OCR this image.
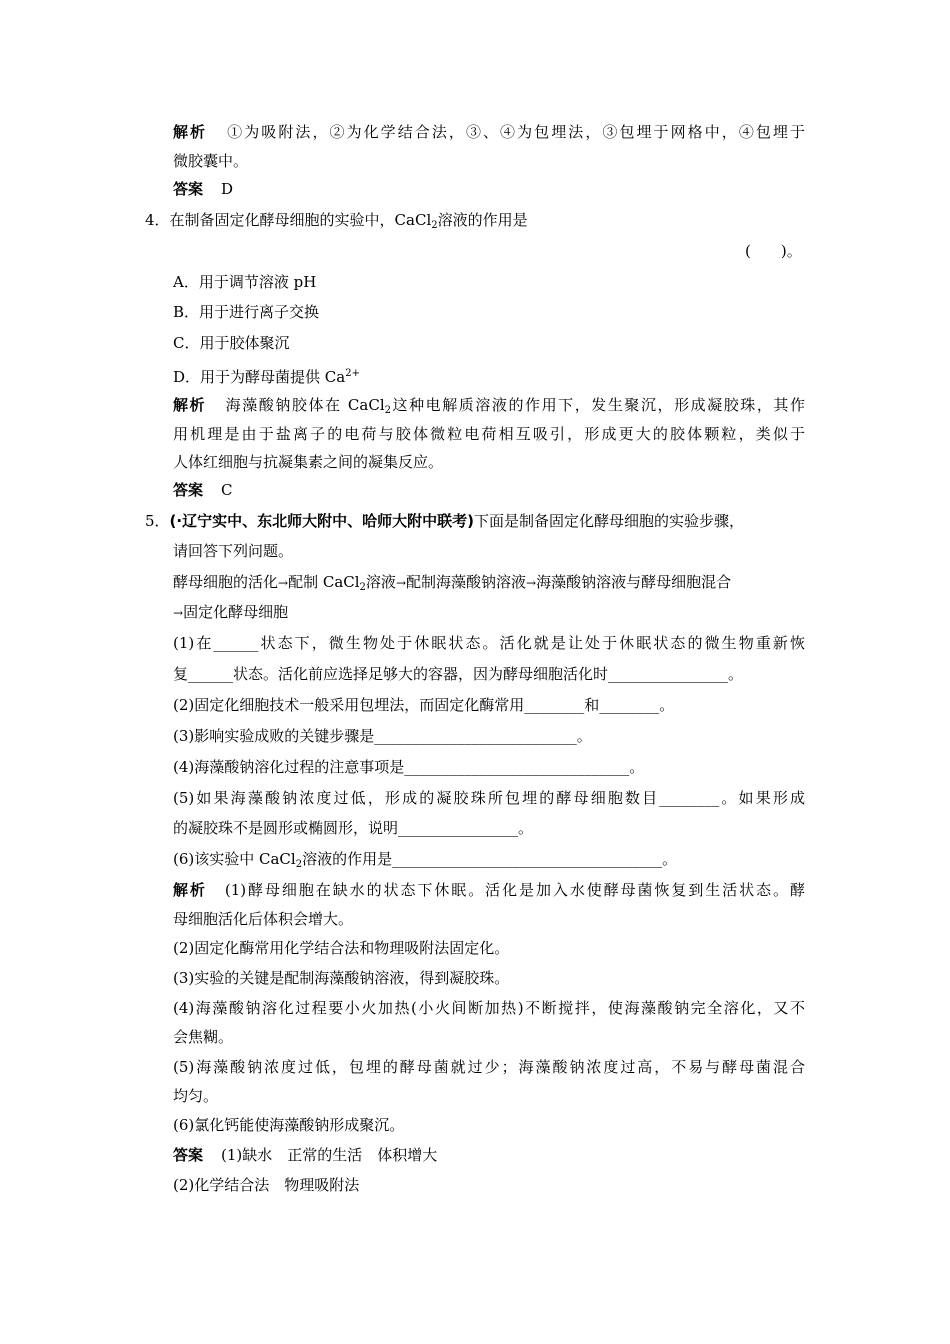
解析 ①为吸附法，②为化学结合法，③、④为包埋法，③包埋于网格中，④包埋于
微胶囊中。
答案 D
4．在制备固定化酵母细胞的实验中，CaCl$_2$溶液的作用是
(　　)。
A．用于调节溶液 pH
B．用于进行离子交换
C．用于胶体聚沉
D．用于为酵母菌提供 $Ca^{2+}$
解析 海藻酸钠胶体在 CaCl$_2$这种电解质溶液的作用下，发生聚沉，形成凝胶珠，其作
用机理是由于盐离子的电荷与胶体微粒电荷相互吸引，形成更大的胶体颗粒，类似于
人体红细胞与抗凝集素之间的凝集反应。
答案 C
5．(·辽宁实中、东北师大附中、哈师大附中联考)下面是制备固定化酵母细胞的实验步骤，
请回答下列问题。
酵母细胞的活化→配制 CaCl$_2$溶液→配制海藻酸钠溶液→海藻酸钠溶液与酵母细胞混合
→固定化酵母细胞
(1)在______状态下，微生物处于休眠状态。活化就是让处于休眠状态的微生物重新恢
复______状态。活化前应选择足够大的容器，因为酵母细胞活化时________________。
(2)固定化细胞技术一般采用包埋法，而固定化酶常用________和________。
(3)影响实验成败的关键步骤是___________________________。
(4)海藻酸钠溶化过程的注意事项是______________________________。
(5)如果海藻酸钠浓度过低，形成的凝胶珠所包埋的酵母细胞数目________。如果形成
的凝胶珠不是圆形或椭圆形，说明________________。
(6)该实验中 CaCl$_2$溶液的作用是____________________________________。
解析 (1)酵母细胞在缺水的状态下休眠。活化是加入水使酵母菌恢复到生活状态。酵
母细胞活化后体积会增大。
(2)固定化酶常用化学结合法和物理吸附法固定化。
(3)实验的关键是配制海藻酸钠溶液，得到凝胶珠。
(4)海藻酸钠溶化过程要小火加热(小火间断加热)不断搅拌，使海藻酸钠完全溶化，又不
会焦糊。
(5)海藻酸钠浓度过低，包埋的酵母菌就过少；海藻酸钠浓度过高，不易与酵母菌混合
均匀。
(6)氯化钙能使海藻酸钠形成聚沉。
答案 (1)缺水　正常的生活　体积增大
(2)化学结合法　物理吸附法
